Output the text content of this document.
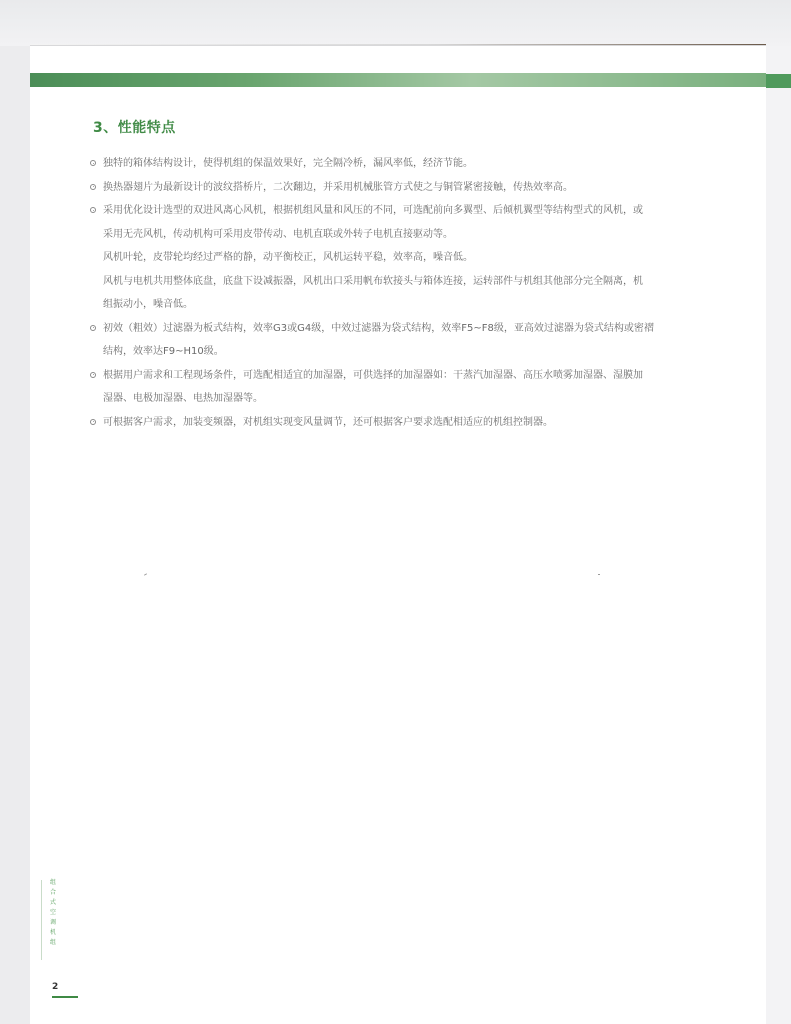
3、性能特点
独特的箱体结构设计，使得机组的保温效果好，完全隔冷桥，漏风率低，经济节能。
换热器翅片为最新设计的波纹搭桥片，二次翻边，并采用机械胀管方式使之与铜管紧密接触，传热效率高。
采用优化设计选型的双进风离心风机，根据机组风量和风压的不同，可选配前向多翼型、后倾机翼型等结构型式的风机，或
采用无壳风机，传动机构可采用皮带传动、电机直联或外转子电机直接驱动等。
风机叶轮，皮带轮均经过严格的静，动平衡校正，风机运转平稳，效率高，噪音低。
风机与电机共用整体底盘，底盘下设减振器，风机出口采用帆布软接头与箱体连接，运转部件与机组其他部分完全隔离，机
组振动小，噪音低。
初效（粗效）过滤器为板式结构，效率G3或G4级，中效过滤器为袋式结构，效率F5~F8级，亚高效过滤器为袋式结构或密褶
结构，效率达F9~H10级。
根据用户需求和工程现场条件，可选配相适宜的加湿器，可供选择的加湿器如：干蒸汽加湿器、高压水喷雾加湿器、湿膜加
湿器、电极加湿器、电热加湿器等。
可根据客户需求，加装变频器，对机组实现变风量调节，还可根据客户要求选配相适应的机组控制器。
组合式空调机组
2
